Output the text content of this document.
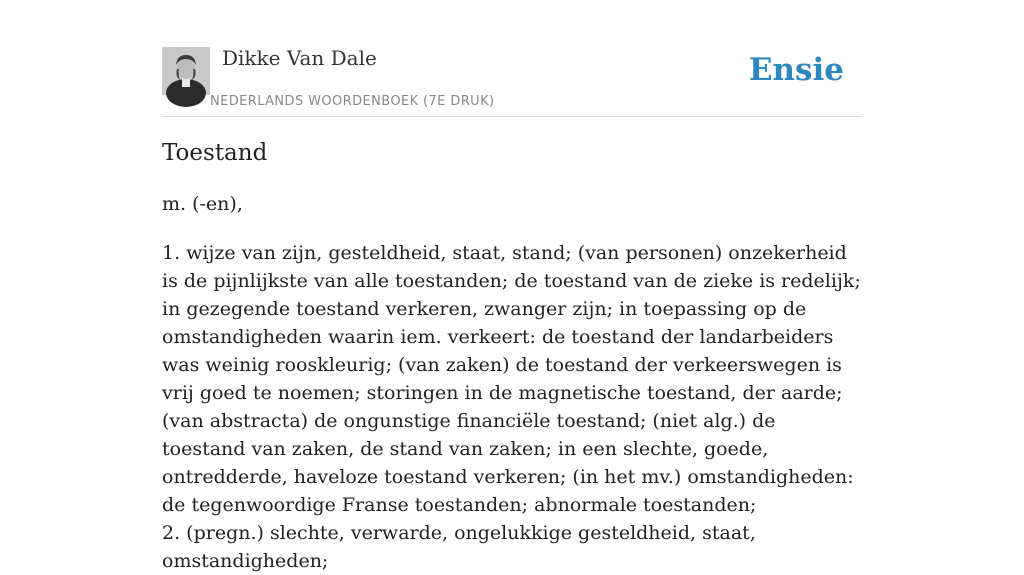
Dikke Van Dale
NEDERLANDS WOORDENBOEK (7E DRUK)
Ensie
Toestand

m. (-en),

1. wijze van zijn, gesteldheid, staat, stand; (van personen) onzekerheid is de pijnlijkste van alle toestanden; de toestand van de zieke is redelijk; in gezegende toestand verkeren, zwanger zijn; in toepassing op de omstandigheden waarin iem. verkeert: de toestand der landarbeiders was weinig rooskleurig; (van zaken) de toestand der verkeerswegen is vrij goed te noemen; storingen in de magnetische toestand, der aarde; (van abstracta) de ongunstige financiële toestand; (niet alg.) de toestand van zaken, de stand van zaken; in een slechte, goede, ontredderde, haveloze toestand verkeren; (in het mv.) omstandigheden: de tegenwoordige Franse toestanden; abnormale toestanden;
2. (pregn.) slechte, verwarde, ongelukkige gesteldheid, staat, omstandigheden;
